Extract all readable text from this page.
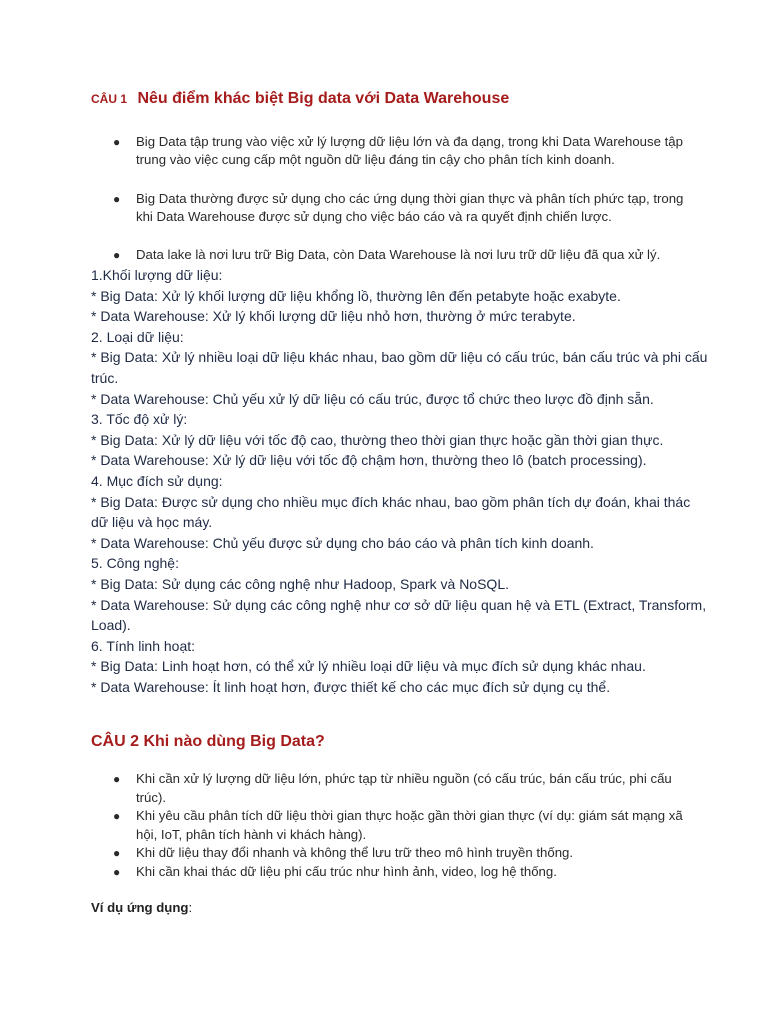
CÂU 1 Nêu điểm khác biệt Big data với Data Warehouse
● Big Data tập trung vào việc xử lý lượng dữ liệu lớn và đa dạng, trong khi Data Warehouse tập trung vào việc cung cấp một nguồn dữ liệu đáng tin cậy cho phân tích kinh doanh.
● Big Data thường được sử dụng cho các ứng dụng thời gian thực và phân tích phức tạp, trong khi Data Warehouse được sử dụng cho việc báo cáo và ra quyết định chiến lược.
● Data lake là nơi lưu trữ Big Data, còn Data Warehouse là nơi lưu trữ dữ liệu đã qua xử lý.
1.Khối lượng dữ liệu:
* Big Data: Xử lý khối lượng dữ liệu khổng lồ, thường lên đến petabyte hoặc exabyte.
* Data Warehouse: Xử lý khối lượng dữ liệu nhỏ hơn, thường ở mức terabyte.
2. Loại dữ liệu:
* Big Data: Xử lý nhiều loại dữ liệu khác nhau, bao gồm dữ liệu có cấu trúc, bán cấu trúc và phi cấu trúc.
* Data Warehouse: Chủ yếu xử lý dữ liệu có cấu trúc, được tổ chức theo lược đồ định sẵn.
3. Tốc độ xử lý:
* Big Data: Xử lý dữ liệu với tốc độ cao, thường theo thời gian thực hoặc gần thời gian thực.
* Data Warehouse: Xử lý dữ liệu với tốc độ chậm hơn, thường theo lô (batch processing).
4. Mục đích sử dụng:
* Big Data: Được sử dụng cho nhiều mục đích khác nhau, bao gồm phân tích dự đoán, khai thác dữ liệu và học máy.
* Data Warehouse: Chủ yếu được sử dụng cho báo cáo và phân tích kinh doanh.
5. Công nghệ:
* Big Data: Sử dụng các công nghệ như Hadoop, Spark và NoSQL.
* Data Warehouse: Sử dụng các công nghệ như cơ sở dữ liệu quan hệ và ETL (Extract, Transform, Load).
6. Tính linh hoạt:
* Big Data: Linh hoạt hơn, có thể xử lý nhiều loại dữ liệu và mục đích sử dụng khác nhau.
* Data Warehouse: Ít linh hoạt hơn, được thiết kế cho các mục đích sử dụng cụ thể.
CÂU 2 Khi nào dùng Big Data?
● Khi cần xử lý lượng dữ liệu lớn, phức tạp từ nhiều nguồn (có cấu trúc, bán cấu trúc, phi cấu trúc).
● Khi yêu cầu phân tích dữ liệu thời gian thực hoặc gần thời gian thực (ví dụ: giám sát mạng xã hội, IoT, phân tích hành vi khách hàng).
● Khi dữ liệu thay đổi nhanh và không thể lưu trữ theo mô hình truyền thống.
● Khi cần khai thác dữ liệu phi cấu trúc như hình ảnh, video, log hệ thống.
Ví dụ ứng dụng:
